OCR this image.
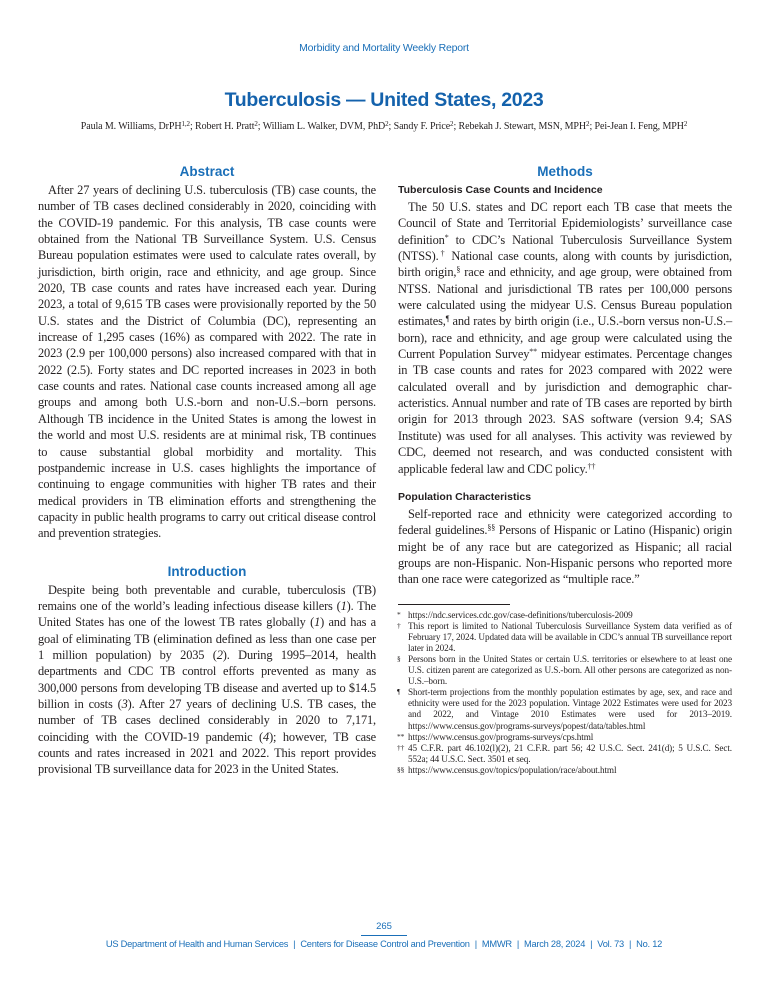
Morbidity and Mortality Weekly Report
Tuberculosis — United States, 2023
Paula M. Williams, DrPH$^{1,2}$; Robert H. Pratt$^2$; William L. Walker, DVM, PhD$^2$; Sandy F. Price$^2$; Rebekah J. Stewart, MSN, MPH$^2$; Pei-Jean I. Feng, MPH$^2$
Abstract

After 27 years of declining U.S. tuberculosis (TB) case counts, the number of TB cases declined considerably in 2020, coinciding with the COVID-19 pandemic. For this analysis, TB case counts were obtained from the National TB Surveillance System. U.S. Census Bureau population estimates were used to calculate rates overall, by jurisdiction, birth origin, race and ethnicity, and age group. Since 2020, TB case counts and rates have increased each year. During 2023, a total of 9,615 TB cases were provisionally reported by the 50 U.S. states and the District of Columbia (DC), representing an increase of 1,295 cases (16%) as compared with 2022. The rate in 2023 (2.9 per 100,000 persons) also increased compared with that in 2022 (2.5). Forty states and DC reported increases in 2023 in both case counts and rates. National case counts increased among all age groups and among both U.S.-born and non-U.S.–born persons. Although TB incidence in the United States is among the lowest in the world and most U.S. residents are at minimal risk, TB continues to cause substantial global morbidity and mortality. This postpandemic increase in U.S. cases highlights the importance of continuing to engage communities with higher TB rates and their medical providers in TB elimination efforts and strengthening the capacity in public health programs to carry out critical disease control and prevention strategies.

Introduction

Despite being both preventable and curable, tuberculosis (TB) remains one of the world’s leading infectious disease killers (1). The United States has one of the lowest TB rates globally (1) and has a goal of eliminating TB (elimination defined as less than one case per 1 million population) by 2035 (2). During 1995–2014, health departments and CDC TB control efforts prevented as many as 300,000 persons from developing TB disease and averted up to $14.5 billion in costs (3). After 27 years of declining U.S. TB cases, the number of TB cases declined considerably in 2020 to 7,171, coinciding with the COVID-19 pandemic (4); however, TB case counts and rates increased in 2021 and 2022. This report provides provisional TB surveillance data for 2023 in the United States.

Methods
Tuberculosis Case Counts and Incidence

The 50 U.S. states and DC report each TB case that meets the Council of State and Territorial Epidemiologists’ surveillance case definition* to CDC’s National Tuberculosis Surveillance System (NTSS).† National case counts, along with counts by jurisdiction, birth origin,§ race and ethnicity, and age group, were obtained from NTSS. National and jurisdictional TB rates per 100,000 persons were calculated using the midyear U.S. Census Bureau population estimates,¶ and rates by birth origin (i.e., U.S.-born versus non-U.S.–born), race and ethnicity, and age group were calculated using the Current Population Survey** midyear estimates. Percentage changes in TB case counts and rates for 2023 compared with 2022 were calculated overall and by jurisdiction and demographic characteristics. Annual number and rate of TB cases are reported by birth origin for 2013 through 2023. SAS software (version 9.4; SAS Institute) was used for all analyses. This activity was reviewed by CDC, deemed not research, and was conducted consistent with applicable federal law and CDC policy.††

Population Characteristics

Self-reported race and ethnicity were categorized according to federal guidelines.§§ Persons of Hispanic or Latino (Hispanic) origin might be of any race but are categorized as Hispanic; all racial groups are non-Hispanic. Non-Hispanic persons who reported more than one race were categorized as “multiple race.”

* https://ndc.services.cdc.gov/case-definitions/tuberculosis-2009
† This report is limited to National Tuberculosis Surveillance System data verified as of February 17, 2024. Updated data will be available in CDC’s annual TB surveillance report later in 2024.
§ Persons born in the United States or certain U.S. territories or elsewhere to at least one U.S. citizen parent are categorized as U.S.-born. All other persons are categorized as non-U.S.–born.
¶ Short-term projections from the monthly population estimates by age, sex, and race and ethnicity were used for the 2023 population. Vintage 2022 Estimates were used for 2023 and 2022, and Vintage 2010 Estimates were used for 2013–2019. https://www.census.gov/programs-surveys/popest/data/tables.html
** https://www.census.gov/programs-surveys/cps.html
†† 45 C.F.R. part 46.102(l)(2), 21 C.F.R. part 56; 42 U.S.C. Sect. 241(d); 5 U.S.C. Sect. 552a; 44 U.S.C. Sect. 3501 et seq.
§§ https://www.census.gov/topics/population/race/about.html
265
US Department of Health and Human Services | Centers for Disease Control and Prevention | MMWR | March 28, 2024 | Vol. 73 | No. 12
